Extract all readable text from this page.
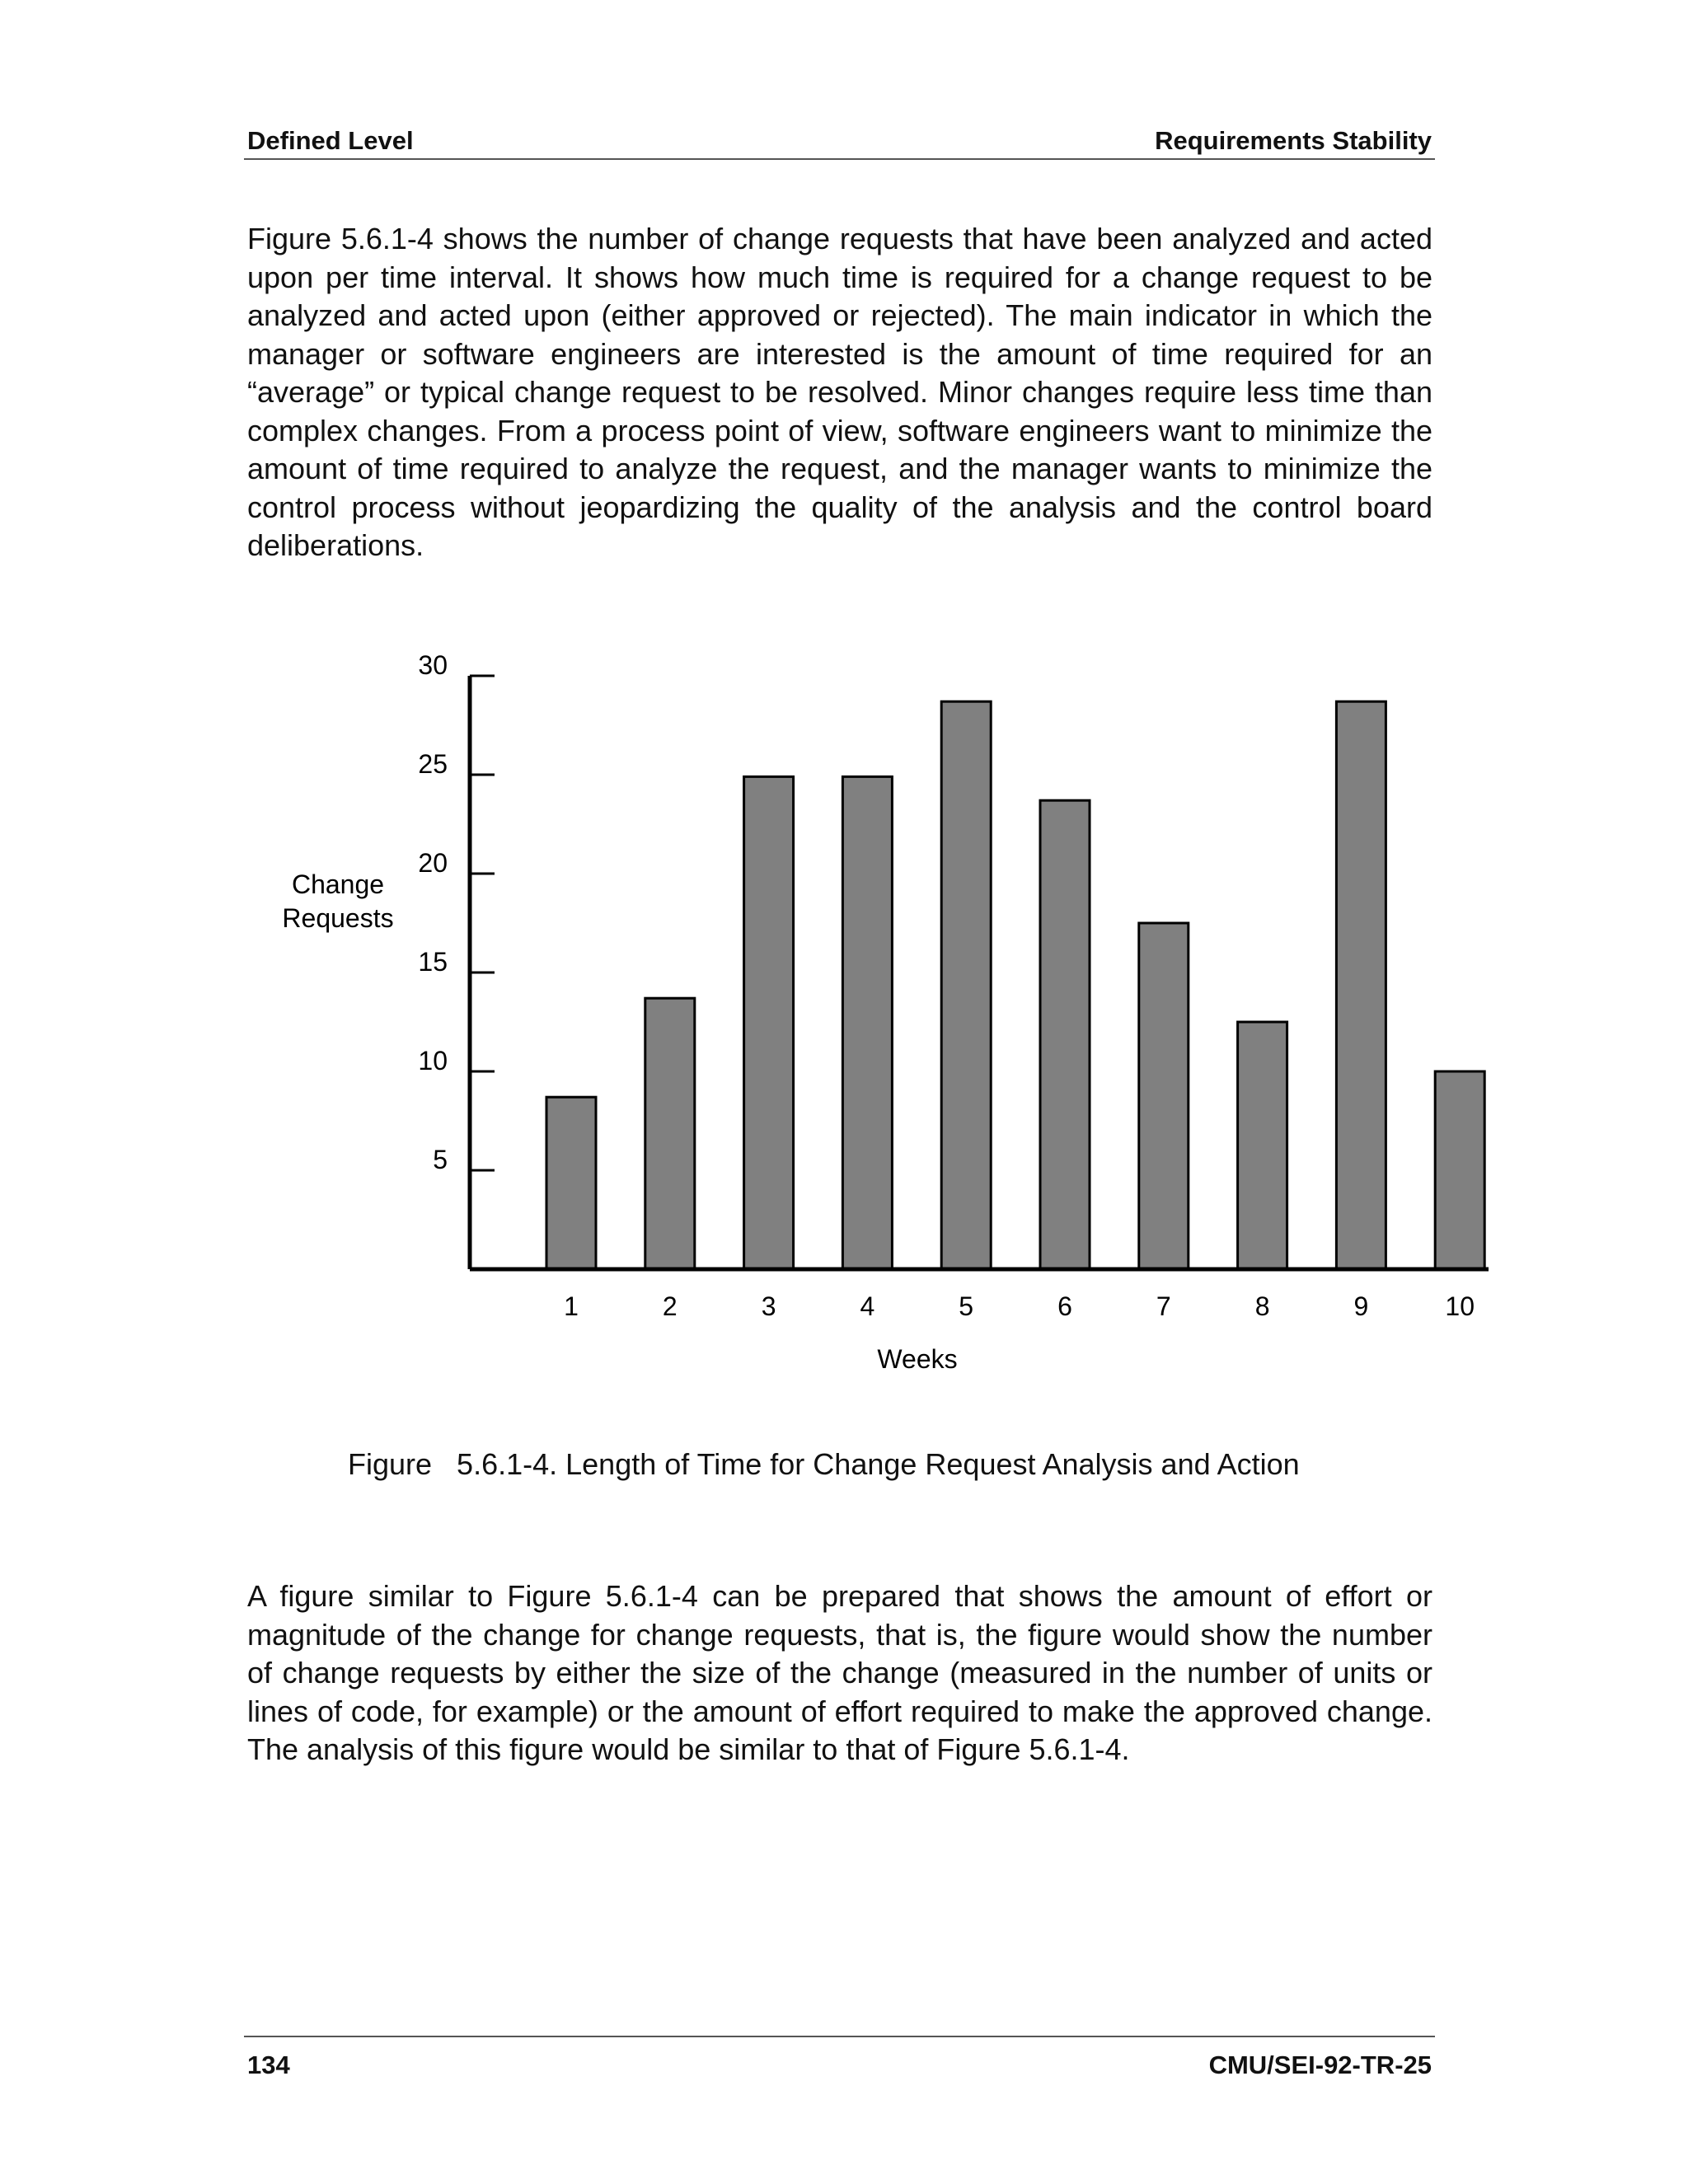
Defined Level	Requirements Stability

Figure 5.6.1-4 shows the number of change requests that have been analyzed and acted upon per time interval. It shows how much time is required for a change request to be analyzed and acted upon (either approved or rejected). The main indicator in which the manager or software engineers are interested is the amount of time required for an “average” or typical change request to be resolved. Minor changes require less time than complex changes. From a process point of view, software engineers want to minimize the amount of time required to analyze the request, and the manager wants to minimize the control process without jeopardizing the quality of the analysis and the control board deliberations.

5
10
15
20
25
30
1	2	3	4	5	6	7	8	9	10
Change
Requests
Weeks
Figure   5.6.1-4. Length of Time for Change Request Analysis and Action

A figure similar to Figure 5.6.1-4 can be prepared that shows the amount of effort or magnitude of the change for change requests, that is, the figure would show the number of change requests by either the size of the change (measured in the number of units or lines of code, for example) or the amount of effort required to make the approved change. The analysis of this figure would be similar to that of Figure 5.6.1-4.

134	CMU/SEI-92-TR-25
